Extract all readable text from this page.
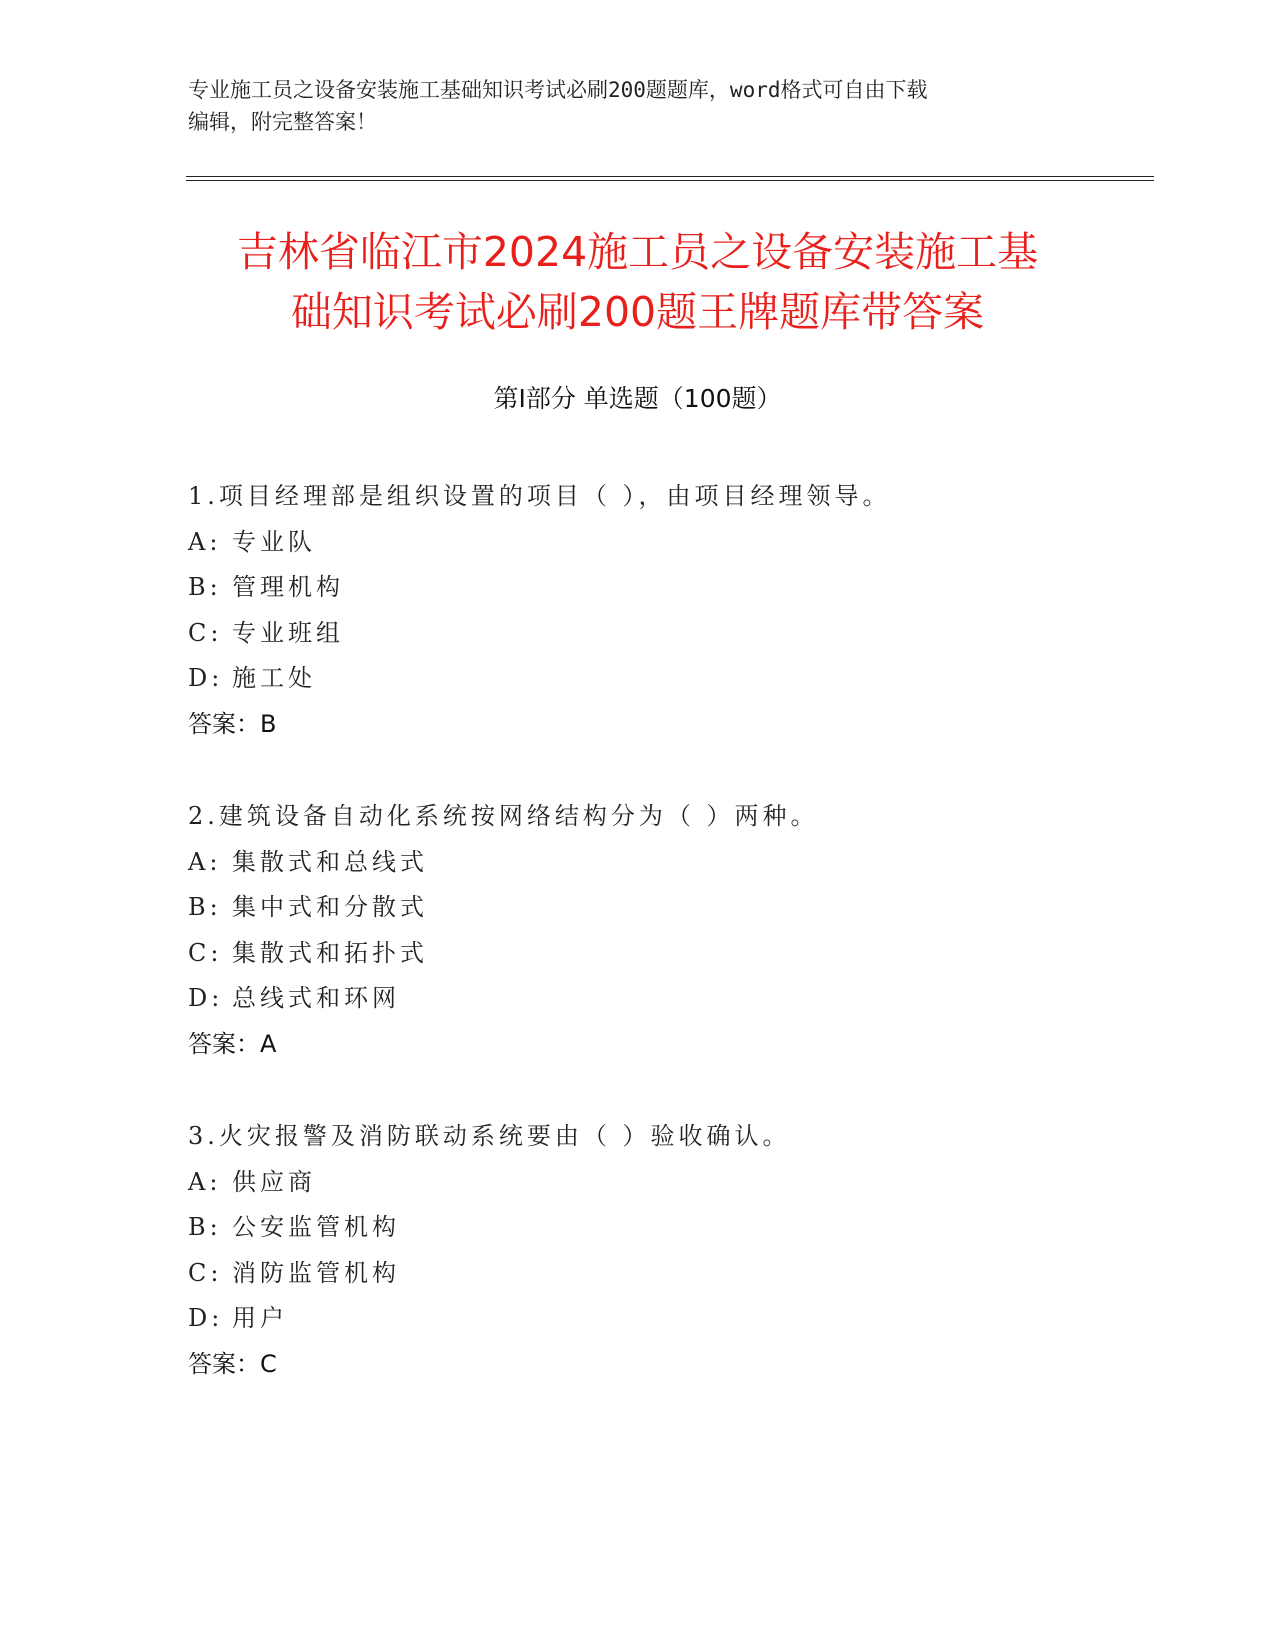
专业施工员之设备安装施工基础知识考试必刷200题题库，word格式可自由下载
编辑，附完整答案！
吉林省临江市2024施工员之设备安装施工基
础知识考试必刷200题王牌题库带答案
第Ⅰ部分 单选题（100题）
1.项目经理部是组织设置的项目（ ），由项目经理领导。
A: 专业队
B: 管理机构
C: 专业班组
D: 施工处
答案：B
2.建筑设备自动化系统按网络结构分为（ ）两种。
A: 集散式和总线式
B: 集中式和分散式
C: 集散式和拓扑式
D: 总线式和环网
答案：A
3.火灾报警及消防联动系统要由（ ）验收确认。
A: 供应商
B: 公安监管机构
C: 消防监管机构
D: 用户
答案：C
